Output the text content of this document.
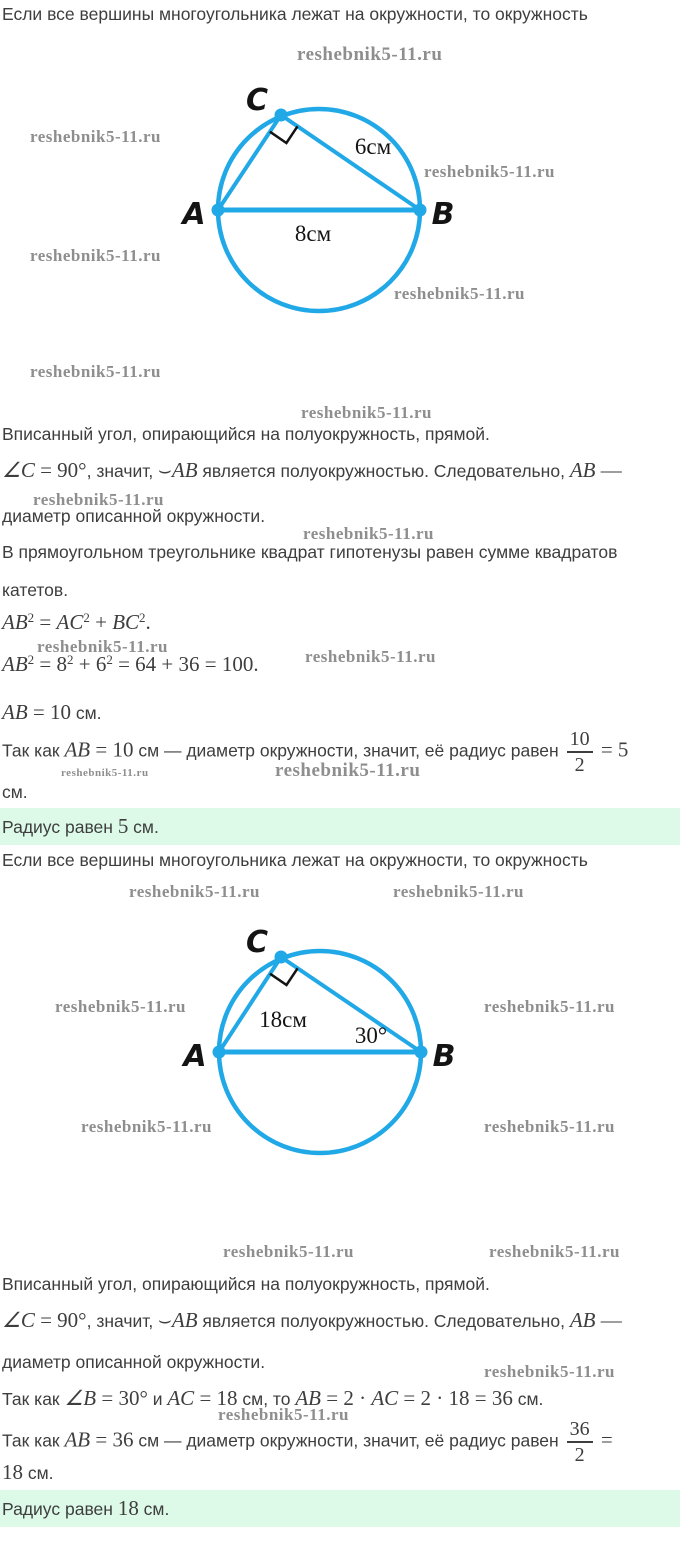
Если все вершины многоугольника лежат на окружности, то окружность
C
A	B
6см
8см
Вписанный угол, опирающийся на полуокружность, прямой.
∠C = 90°, значит, ⌣AB является полуокружностью. Следовательно, AB —
диаметр описанной окружности.
В прямоугольном треугольнике квадрат гипотенузы равен сумме квадратов
катетов.
$AB^2 = AC^2 + BC^2$.
$AB^2 = 8^2 + 6^2 = 64 + 36 = 100$.
AB = 10 см.
Так как AB = 10 см — диаметр окружности, значит, её радиус равен $\frac{10}{2} = 5$
см.
Радиус равен 5 см.
Если все вершины многоугольника лежат на окружности, то окружность
C
A	B
18см
30°
Вписанный угол, опирающийся на полуокружность, прямой.
∠C = 90°, значит, ⌣AB является полуокружностью. Следовательно, AB —
диаметр описанной окружности.
Так как ∠B = 30° и AC = 18 см, то AB = 2 · AC = 2 · 18 = 36 см.
Так как AB = 36 см — диаметр окружности, значит, её радиус равен $\frac{36}{2}$ =
18 см.
Радиус равен 18 см.
reshebnik5-11.ru
reshebnik5-11.ru
reshebnik5-11.ru
reshebnik5-11.ru
reshebnik5-11.ru
reshebnik5-11.ru
reshebnik5-11.ru
reshebnik5-11.ru
reshebnik5-11.ru
reshebnik5-11.ru
reshebnik5-11.ru
reshebnik5-11.ru	reshebnik5-11.ru
reshebnik5-11.ru	reshebnik5-11.ru
reshebnik5-11.ru	reshebnik5-11.ru
reshebnik5-11.ru	reshebnik5-11.ru
reshebnik5-11.ru	reshebnik5-11.ru
reshebnik5-11.ru
reshebnik5-11.ru
